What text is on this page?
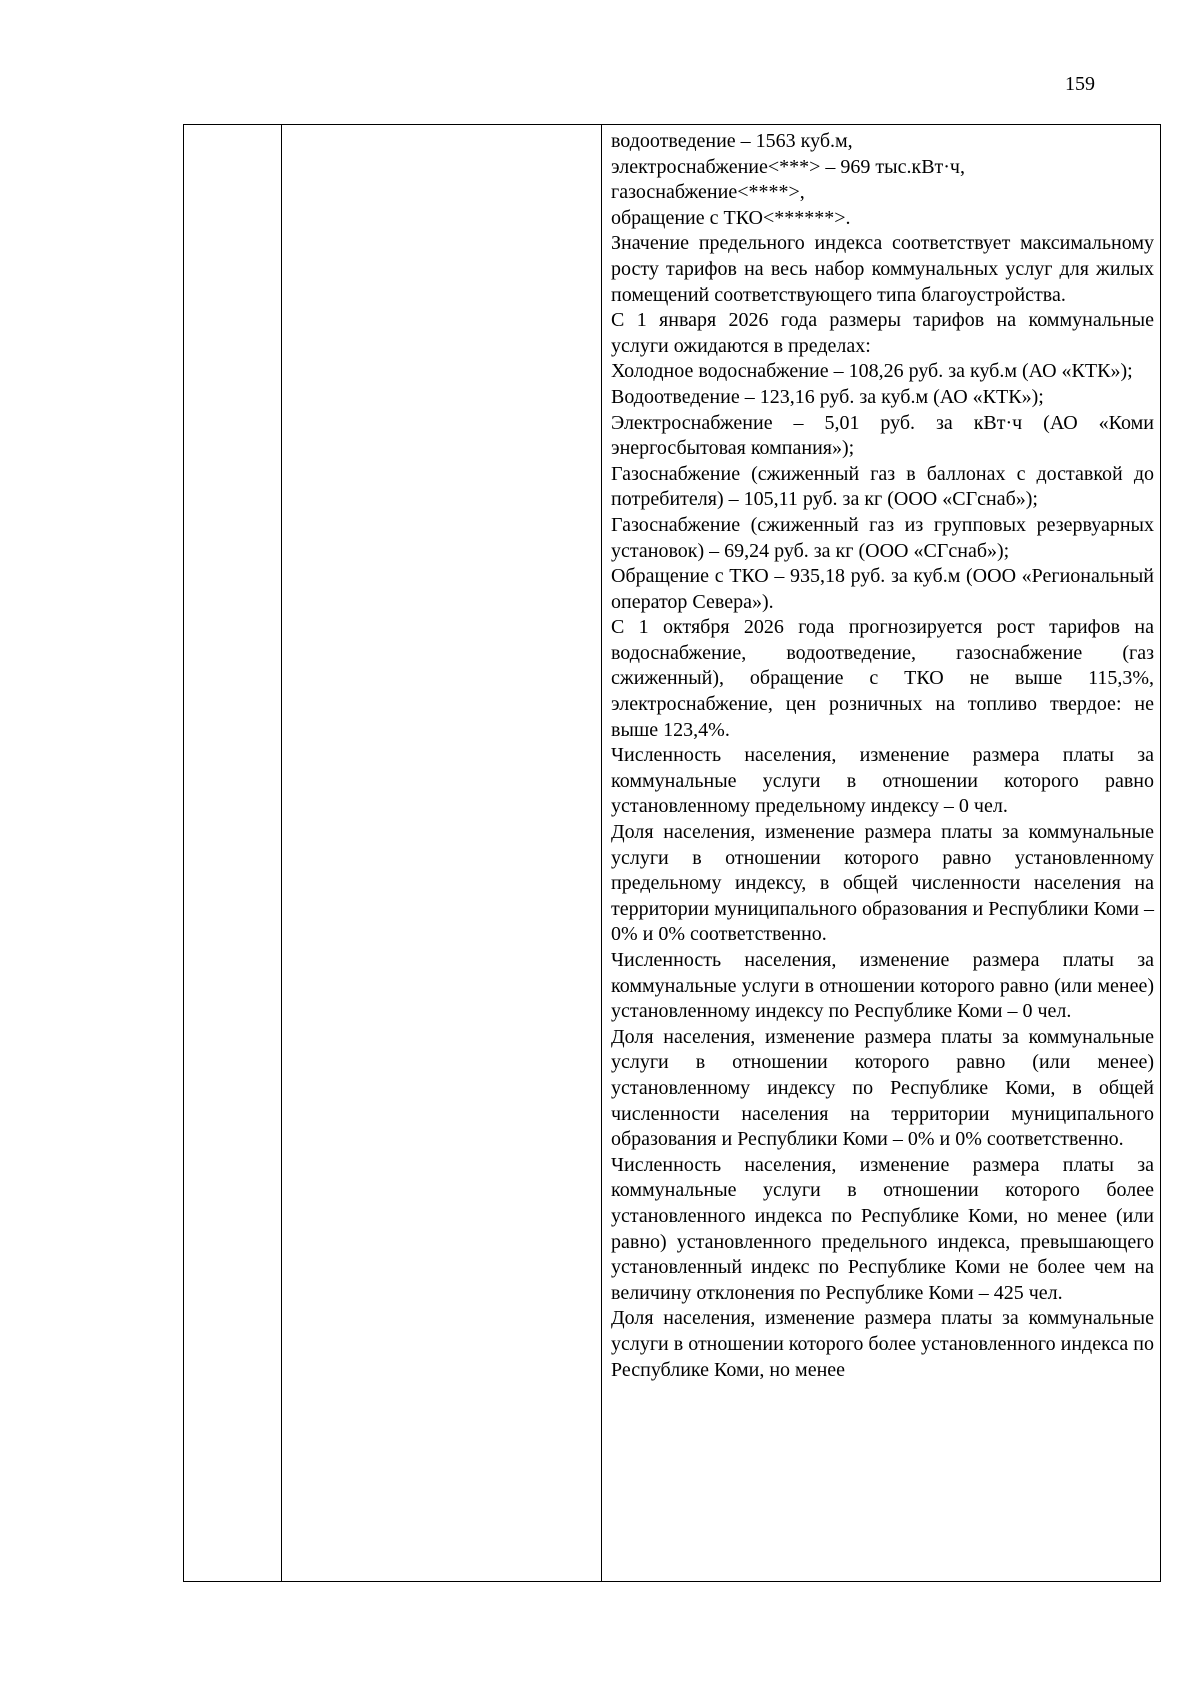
159

водоотведение – 1563 куб.м,

электроснабжение<***> – 969 тыс.кВт·ч,

газоснабжение<****>,

обращение с ТКО<******>.

Значение предельного индекса соответствует максимальному росту тарифов на весь набор коммунальных услуг для жилых помещений соответствующего типа благоустройства.

С 1 января 2026 года размеры тарифов на коммунальные услуги ожидаются в пределах:

Холодное водоснабжение – 108,26 руб. за куб.м (АО «КТК»);

Водоотведение – 123,16 руб. за куб.м (АО «КТК»);

Электроснабжение – 5,01 руб. за кВт·ч (АО «Коми энергосбытовая компания»);

Газоснабжение (сжиженный газ в баллонах с доставкой до потребителя) – 105,11 руб. за кг (ООО «СГснаб»);

Газоснабжение (сжиженный газ из групповых резервуарных установок) – 69,24 руб. за кг (ООО «СГснаб»);

Обращение с ТКО – 935,18 руб. за куб.м (ООО «Региональный оператор Севера»).

С 1 октября 2026 года прогнозируется рост тарифов на водоснабжение, водоотведение, газоснабжение (газ сжиженный), обращение с ТКО не выше 115,3%, электроснабжение, цен розничных на топливо твердое: не выше 123,4%.

Численность населения, изменение размера платы за коммунальные услуги в отношении которого равно установленному предельному индексу – 0 чел.

Доля населения, изменение размера платы за коммунальные услуги в отношении которого равно установленному предельному индексу, в общей численности населения на территории муниципального образования и Республики Коми – 0% и 0% соответственно.

Численность населения, изменение размера платы за коммунальные услуги в отношении которого равно (или менее) установленному индексу по Республике Коми – 0 чел.

Доля населения, изменение размера платы за коммунальные услуги в отношении которого равно (или менее) установленному индексу по Республике Коми, в общей численности населения на территории муниципального образования и Республики Коми – 0% и 0% соответственно.

Численность населения, изменение размера платы за коммунальные услуги в отношении которого более установленного индекса по Республике Коми, но менее (или равно) установленного предельного индекса, превышающего установленный индекс по Республике Коми не более чем на величину отклонения по Республике Коми – 425 чел.

Доля населения, изменение размера платы за коммунальные услуги в отношении которого более установленного индекса по Республике Коми, но менее
